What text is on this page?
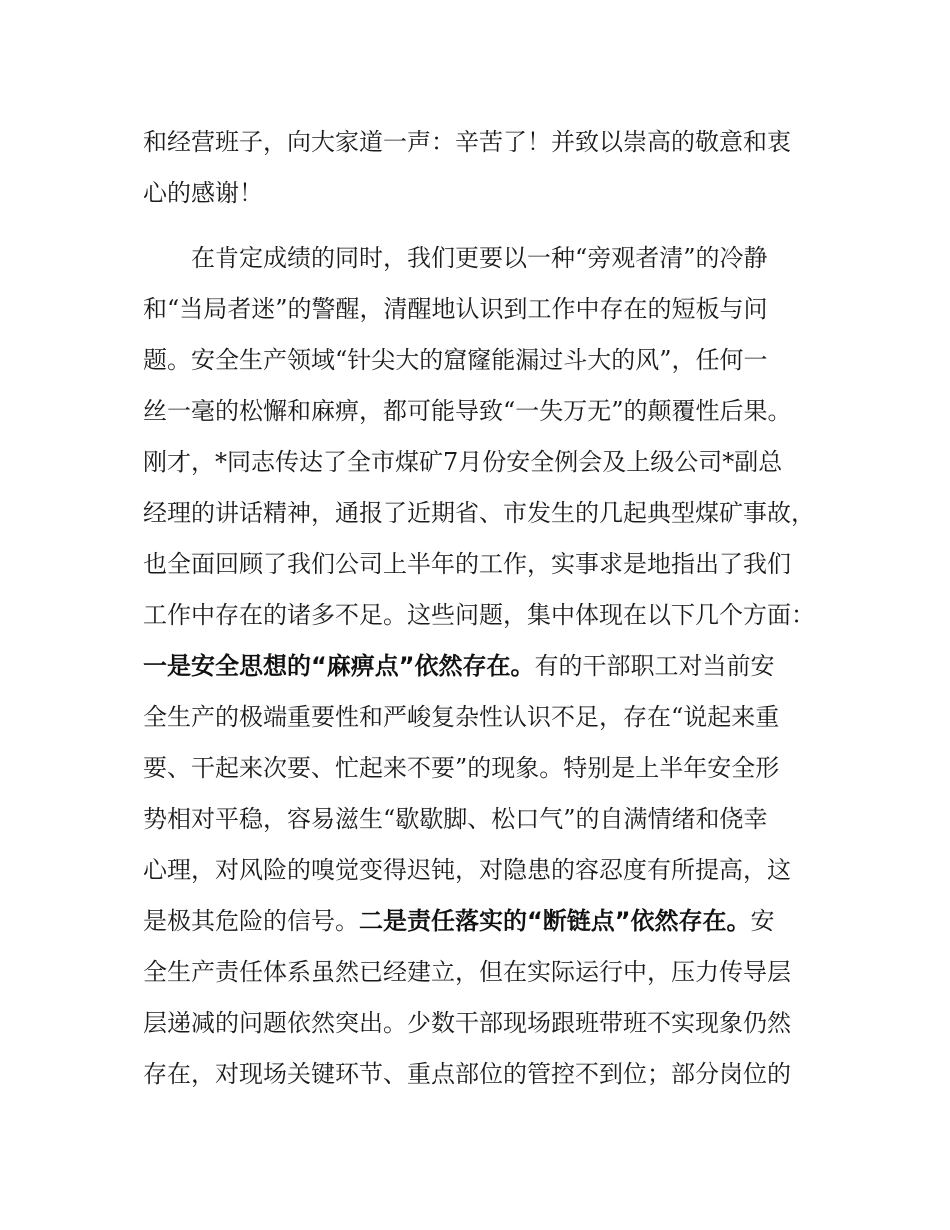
和经营班子，向大家道一声：辛苦了！并致以崇高的敬意和衷
心的感谢！
在肯定成绩的同时，我们更要以一种“旁观者清”的冷静
和“当局者迷”的警醒，清醒地认识到工作中存在的短板与问
题。安全生产领域“针尖大的窟窿能漏过斗大的风”，任何一
丝一毫的松懈和麻痹，都可能导致“一失万无”的颠覆性后果。
刚才，*同志传达了全市煤矿7月份安全例会及上级公司*副总
经理的讲话精神，通报了近期省、市发生的几起典型煤矿事故，
也全面回顾了我们公司上半年的工作，实事求是地指出了我们
工作中存在的诸多不足。这些问题，集中体现在以下几个方面：
一是安全思想的“麻痹点”依然存在。有的干部职工对当前安
全生产的极端重要性和严峻复杂性认识不足，存在“说起来重
要、干起来次要、忙起来不要”的现象。特别是上半年安全形
势相对平稳，容易滋生“歇歇脚、松口气”的自满情绪和侥幸
心理，对风险的嗅觉变得迟钝，对隐患的容忍度有所提高，这
是极其危险的信号。二是责任落实的“断链点”依然存在。安
全生产责任体系虽然已经建立，但在实际运行中，压力传导层
层递减的问题依然突出。少数干部现场跟班带班不实现象仍然
存在，对现场关键环节、重点部位的管控不到位；部分岗位的
